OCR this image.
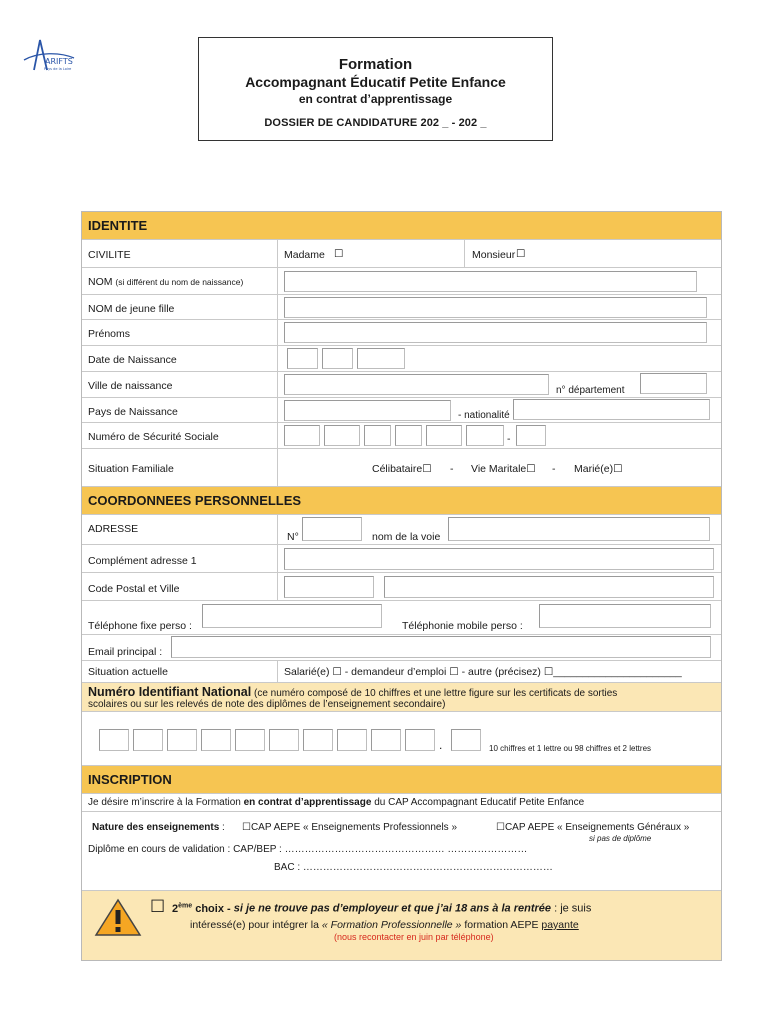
ARIFTS
Pays de la Loire	Formation
Accompagnant Éducatif Petite Enfance
en contrat d’apprentissage
DOSSIER DE CANDIDATURE 202 _ - 202 _
IDENTITE
CIVILITE	Madame ☐	Monsieur ☐
NOM (si différent du nom de naissance)
NOM de jeune fille
Prénoms
Date de Naissance
Ville de naissance	n° département
Pays de Naissance	- nationalité
Numéro de Sécurité Sociale	-
Situation Familiale	Célibataire☐ - Vie Maritale☐ - Marié(e)☐
COORDONNEES PERSONNELLES
ADRESSE
N°	nom de la voie
Complément adresse 1
Code Postal et Ville
Téléphone fixe perso :	Téléphonie mobile perso :
Email principal :
Situation actuelle	Salarié(e) ☐ - demandeur d’emploi ☐ - autre (précisez) ☐______________________
Numéro Identifiant National (ce numéro composé de 10 chiffres et une lettre figure sur les certificats de sorties
scolaires ou sur les relevés de note des diplômes de l’enseignement secondaire)
.	10 chiffres et 1 lettre ou 98 chiffres et 2 lettres
INSCRIPTION
Je désire m’inscrire à la Formation en contrat d’apprentissage du CAP Accompagnant Educatif Petite Enfance
Nature des enseignements : ☐CAP AEPE « Enseignements Professionnels »	☐CAP AEPE « Enseignements Généraux »
si pas de diplôme
Diplôme en cours de validation : CAP/BEP : ………………………………………… ……………………
BAC : …………………………………………………………………
☐ 2ème choix - si je ne trouve pas d’employeur et que j’ai 18 ans à la rentrée : je suis
intéressé(e) pour intégrer la « Formation Professionnelle » formation AEPE payante
(nous recontacter en juin par téléphone)
